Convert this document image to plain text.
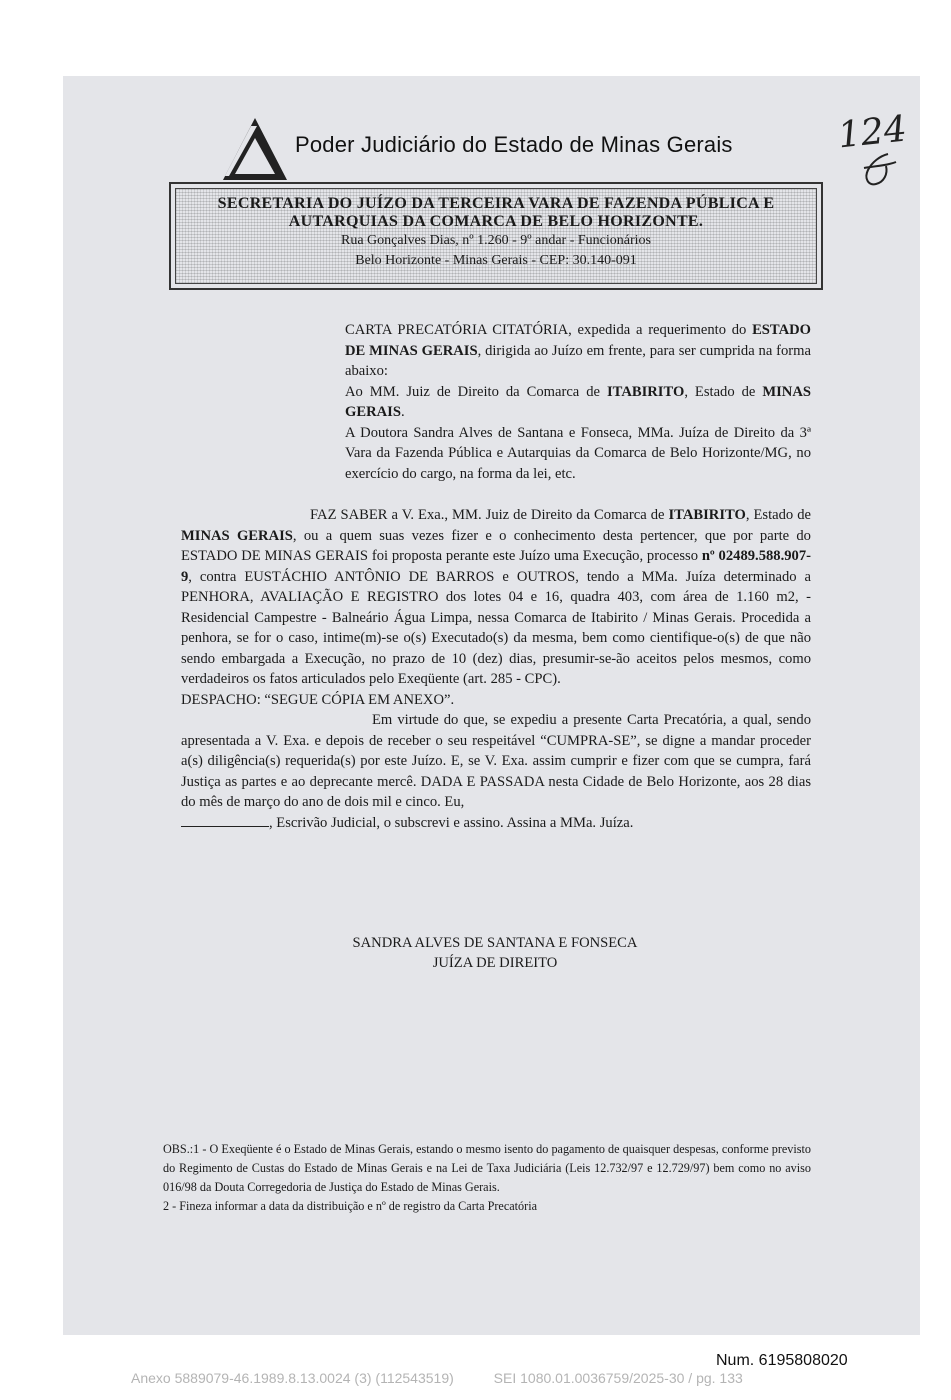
Poder Judiciário do Estado de Minas Gerais	124
SECRETARIA DO JUÍZO DA TERCEIRA VARA DE FAZENDA PÚBLICA E
AUTARQUIAS DA COMARCA DE BELO HORIZONTE.
Rua Gonçalves Dias, nº 1.260 - 9º andar - Funcionários
Belo Horizonte - Minas Gerais - CEP: 30.140-091

CARTA PRECATÓRIA CITATÓRIA, expedida a requerimento do ESTADO DE MINAS GERAIS, dirigida ao Juízo em frente, para ser cumprida na forma abaixo:

Ao MM. Juiz de Direito da Comarca de ITABIRITO, Estado de MINAS GERAIS.

A Doutora Sandra Alves de Santana e Fonseca, MMa. Juíza de Direito da 3ª Vara da Fazenda Pública e Autarquias da Comarca de Belo Horizonte/MG, no exercício do cargo, na forma da lei, etc.

FAZ SABER a V. Exa., MM. Juiz de Direito da Comarca de ITABIRITO, Estado de MINAS GERAIS, ou a quem suas vezes fizer e o conhecimento desta pertencer, que por parte do ESTADO DE MINAS GERAIS foi proposta perante este Juízo uma Execução, processo nº 02489.588.907-9, contra EUSTÁCHIO ANTÔNIO DE BARROS e OUTROS, tendo a MMa. Juíza determinado a PENHORA, AVALIAÇÃO E REGISTRO dos lotes 04 e 16, quadra 403, com área de 1.160 m2, - Residencial Campestre - Balneário Água Limpa, nessa Comarca de Itabirito / Minas Gerais. Procedida a penhora, se for o caso, intime(m)-se o(s) Executado(s) da mesma, bem como cientifique-o(s) de que não sendo embargada a Execução, no prazo de 10 (dez) dias, presumir-se-ão aceitos pelos mesmos, como verdadeiros os fatos articulados pelo Exeqüente (art. 285 - CPC).

DESPACHO: “SEGUE CÓPIA EM ANEXO”.

Em virtude do que, se expediu a presente Carta Precatória, a qual, sendo apresentada a V. Exa. e depois de receber o seu respeitável “CUMPRA-SE”, se digne a mandar proceder a(s) diligência(s) requerida(s) por este Juízo. E, se V. Exa. assim cumprir e fizer com que se cumpra, fará Justiça as partes e ao deprecante mercê. DADA E PASSADA nesta Cidade de Belo Horizonte, aos 28 dias do mês de março do ano de dois mil e cinco. Eu,
, Escrivão Judicial, o subscrevi e assino. Assina a MMa. Juíza.

SANDRA ALVES DE SANTANA E FONSECA
JUÍZA DE DIREITO

OBS.:1 - O Exeqüente é o Estado de Minas Gerais, estando o mesmo isento do pagamento de quaisquer despesas, conforme previsto do Regimento de Custas do Estado de Minas Gerais e na Lei de Taxa Judiciária (Leis 12.732/97 e 12.729/97) bem como no aviso 016/98 da Douta Corregedoria de Justiça do Estado de Minas Gerais.

2 - Fineza informar a data da distribuição e nº de registro da Carta Precatória

Num. 6195808020
Anexo 5889079-46.1989.8.13.0024 (3) (112543519)	SEI 1080.01.0036759/2025-30 / pg. 133
